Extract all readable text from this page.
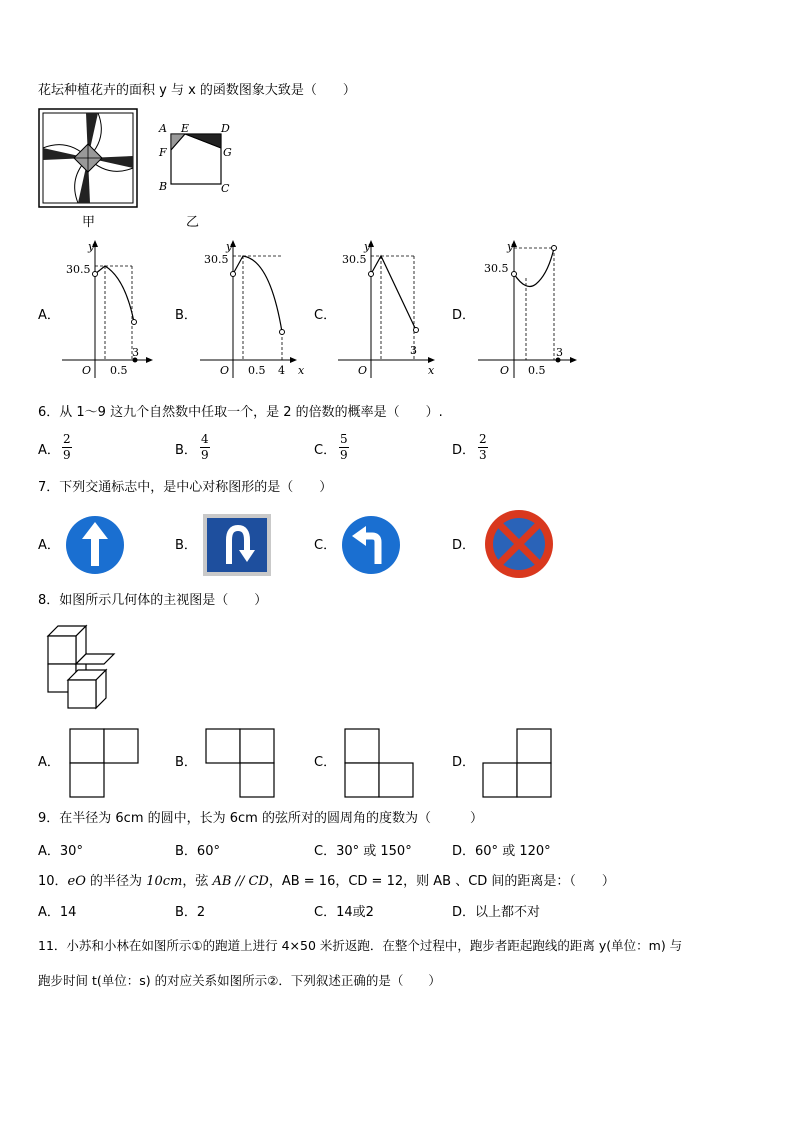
花坛种植花卉的面积 y 与 x 的函数图象大致是（　　）
甲
A E	D
F	G
B	C
乙
A．	B．	C．	D．
30.5
y
O 0.5
3
30.5
y
O 0.5 4 x
30.5
y
O
3
x
30.5
y
O 0.5
3
6．从 1～9 这九个自然数中任取一个，是 2 的倍数的概率是（　　）.
A． $\frac{2}{9}$	B． $\frac{4}{9}$	C． $\frac{5}{9}$	D． $\frac{2}{3}$
7．下列交通标志中，是中心对称图形的是（　　）
A．	B．	C．	D．
8．如图所示几何体的主视图是（　　）
A．	B．	C．	D．
9．在半径为 6cm 的圆中，长为 6cm 的弦所对的圆周角的度数为（　　　）
A．30°	B．60°	C．30° 或 150°	D．60° 或 120°
10．eO 的半径为 10cm，弦 AB // CD，AB = 16，CD = 12，则 AB 、CD 间的距离是：（　　）
A．14	B．2	C．14或2	D．以上都不对
11．小苏和小林在如图所示①的跑道上进行 4×50 米折返跑．在整个过程中，跑步者距起跑线的距离 y(单位：m) 与
跑步时间 t(单位：s) 的对应关系如图所示②．下列叙述正确的是（　　）
